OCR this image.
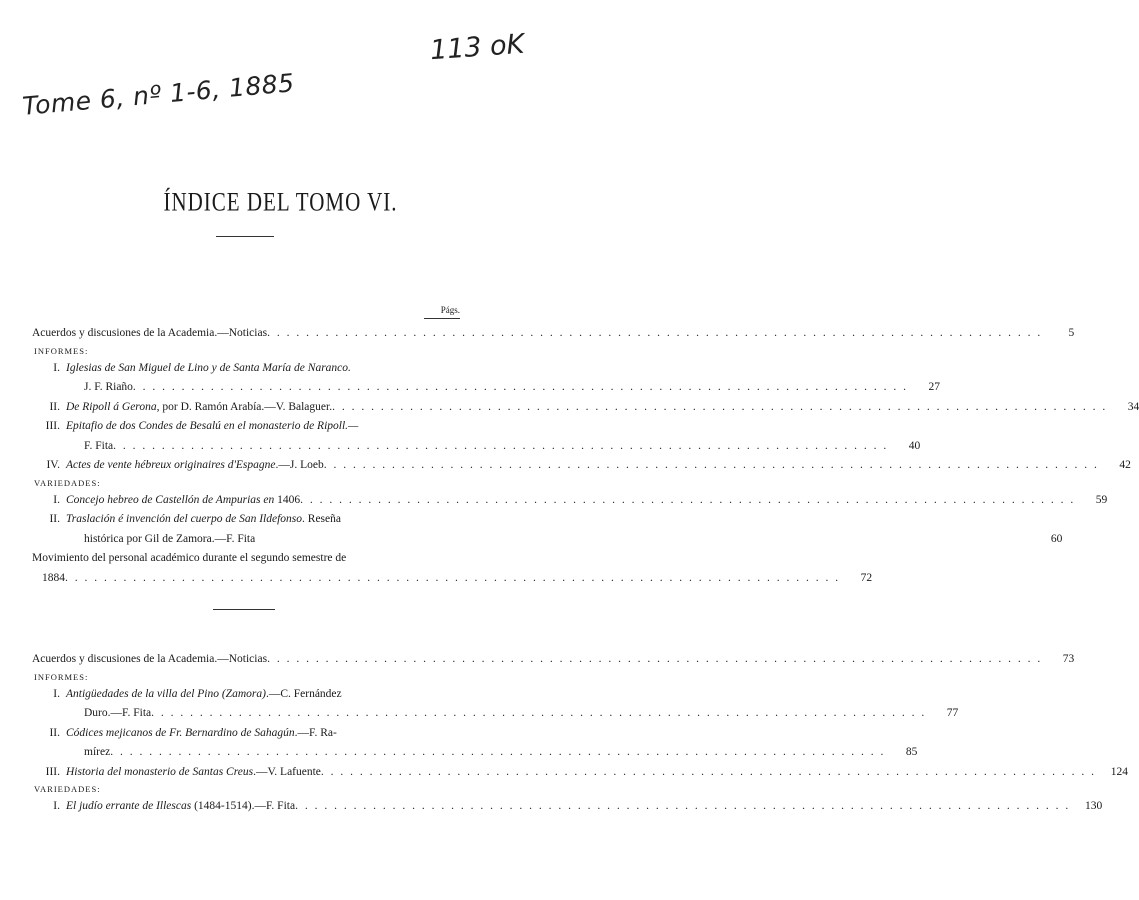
113 oK
Tome 6, nº 1-6, 1885
ÍNDICE DEL TOMO VI.
Págs.
Acuerdos y discusiones de la Academia.—Noticias . . .	5
INFORMES:
I. Iglesias de San Miguel de Lino y de Santa María de Naranco.
J. F. Riaño . . .	27
II. De Ripoll á Gerona, por D. Ramón Arabía.—V. Balaguer. . . .	34
III. Epitafio de dos Condes de Besalú en el monasterio de Ripoll.—
F. Fita . . .	40
IV. Actes de vente hébreux originaires d'Espagne.—J. Loeb . . .	42
VARIEDADES:
I. Concejo hebreo de Castellón de Ampurias en 1406 . . .	59
II. Traslación é invención del cuerpo de San Ildefonso. Reseña
histórica por Gil de Zamora.—F. Fita	60
Movimiento del personal académico durante el segundo semestre de
1884 . . .	72
Acuerdos y discusiones de la Academia.—Noticias . . .	73
INFORMES:
I. Antigüedades de la villa del Pino (Zamora).—C. Fernández
Duro.—F. Fita . . .	77
II. Códices mejicanos de Fr. Bernardino de Sahagún.—F. Ra-
mírez . . .	85
III. Historia del monasterio de Santas Creus.—V. Lafuente . . .	124
VARIEDADES:
I. El judío errante de Illescas (1484-1514).—F. Fita . . .	130
